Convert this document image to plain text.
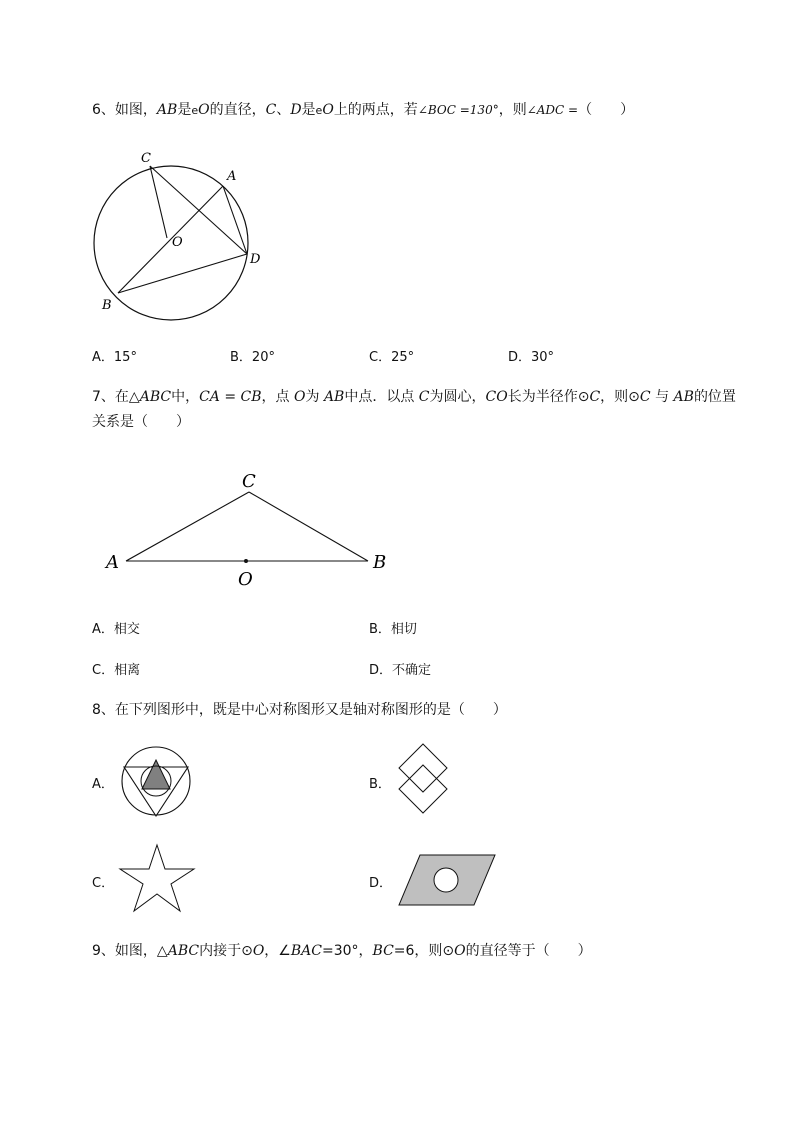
6、如图，AB是eO的直径，C、D是eO上的两点，若∠BOC =130°，则∠ADC =（　　）
C
A
O
D
B
C
A	B
O
A．15°	B．20°	C．25°	D．30°
7、在△ABC中，CA = CB，点 O为 AB中点．以点 C为圆心，CO长为半径作⊙C，则⊙C 与 AB的位置
关系是（　　）
A．相交	B．相切
C．相离	D．不确定
8、在下列图形中，既是中心对称图形又是轴对称图形的是（　　）
A．	B．
C．	D．
9、如图，△ABC内接于⊙O，∠BAC=30°，BC=6，则⊙O的直径等于（　　）
